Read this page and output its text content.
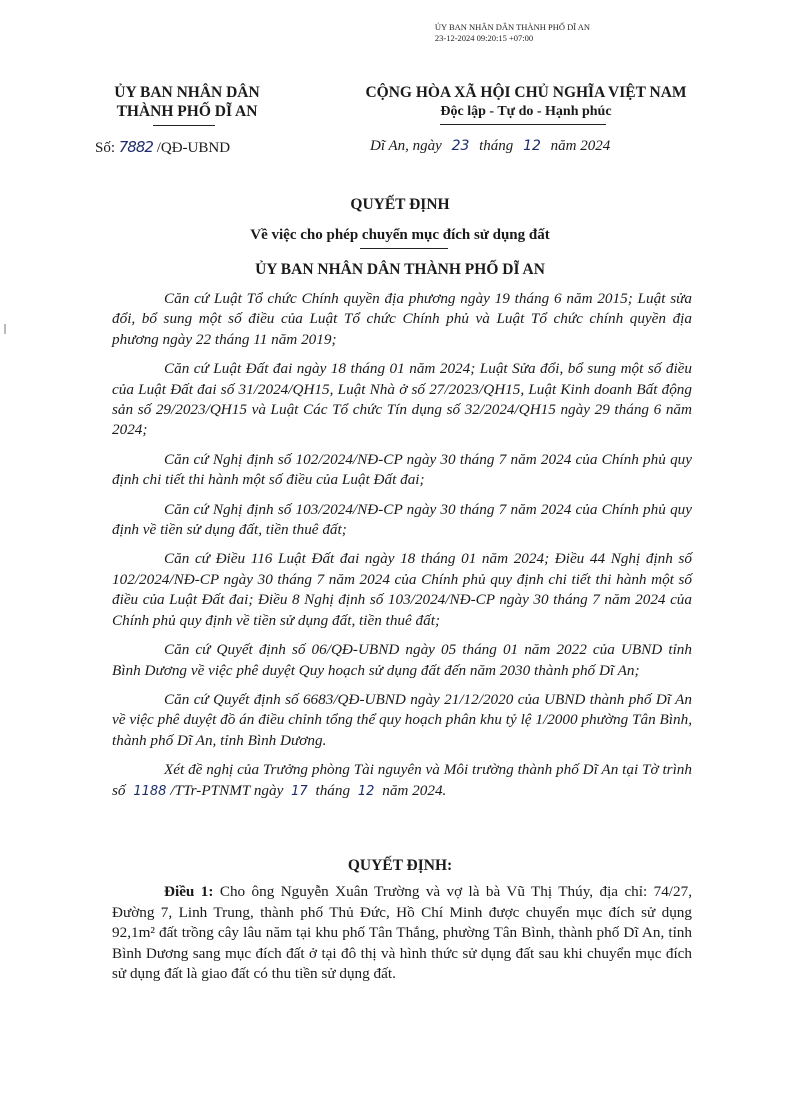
ỦY BAN NHÂN DÂN THÀNH PHỐ DĨ AN
23-12-2024 09:20:15 +07:00
ỦY BAN NHÂN DÂN
THÀNH PHỐ DĨ AN
CỘNG HÒA XÃ HỘI CHỦ NGHĨA VIỆT NAM
Độc lập - Tự do - Hạnh phúc
Số: 7882 /QĐ-UBND	Dĩ An, ngày 23 tháng 12 năm 2024
QUYẾT ĐỊNH
Về việc cho phép chuyển mục đích sử dụng đất
ỦY BAN NHÂN DÂN THÀNH PHỐ DĨ AN

Căn cứ Luật Tổ chức Chính quyền địa phương ngày 19 tháng 6 năm 2015; Luật sửa đổi, bổ sung một số điều của Luật Tổ chức Chính phủ và Luật Tổ chức chính quyền địa phương ngày 22 tháng 11 năm 2019;

Căn cứ Luật Đất đai ngày 18 tháng 01 năm 2024; Luật Sửa đổi, bổ sung một số điều của Luật Đất đai số 31/2024/QH15, Luật Nhà ở số 27/2023/QH15, Luật Kinh doanh Bất động sản số 29/2023/QH15 và Luật Các Tổ chức Tín dụng số 32/2024/QH15 ngày 29 tháng 6 năm 2024;

Căn cứ Nghị định số 102/2024/NĐ-CP ngày 30 tháng 7 năm 2024 của Chính phủ quy định chi tiết thi hành một số điều của Luật Đất đai;

Căn cứ Nghị định số 103/2024/NĐ-CP ngày 30 tháng 7 năm 2024 của Chính phủ quy định về tiền sử dụng đất, tiền thuê đất;

Căn cứ Điều 116 Luật Đất đai ngày 18 tháng 01 năm 2024; Điều 44 Nghị định số 102/2024/NĐ-CP ngày 30 tháng 7 năm 2024 của Chính phủ quy định chi tiết thi hành một số điều của Luật Đất đai; Điều 8 Nghị định số 103/2024/NĐ-CP ngày 30 tháng 7 năm 2024 của Chính phủ quy định về tiền sử dụng đất, tiền thuê đất;

Căn cứ Quyết định số 06/QĐ-UBND ngày 05 tháng 01 năm 2022 của UBND tỉnh Bình Dương về việc phê duyệt Quy hoạch sử dụng đất đến năm 2030 thành phố Dĩ An;

Căn cứ Quyết định số 6683/QĐ-UBND ngày 21/12/2020 của UBND thành phố Dĩ An về việc phê duyệt đồ án điều chỉnh tổng thể quy hoạch phân khu tỷ lệ 1/2000 phường Tân Bình, thành phố Dĩ An, tỉnh Bình Dương.

Xét đề nghị của Trưởng phòng Tài nguyên và Môi trường thành phố Dĩ An tại Tờ trình số 1188 /TTr-PTNMT ngày 17 tháng 12 năm 2024.

QUYẾT ĐỊNH:

Điều 1: Cho ông Nguyễn Xuân Trường và vợ là bà Vũ Thị Thúy, địa chỉ: 74/27, Đường 7, Linh Trung, thành phố Thủ Đức, Hồ Chí Minh được chuyển mục đích sử dụng 92,1m² đất trồng cây lâu năm tại khu phố Tân Thắng, phường Tân Bình, thành phố Dĩ An, tỉnh Bình Dương sang mục đích đất ở tại đô thị và hình thức sử dụng đất sau khi chuyển mục đích sử dụng đất là giao đất có thu tiền sử dụng đất.
